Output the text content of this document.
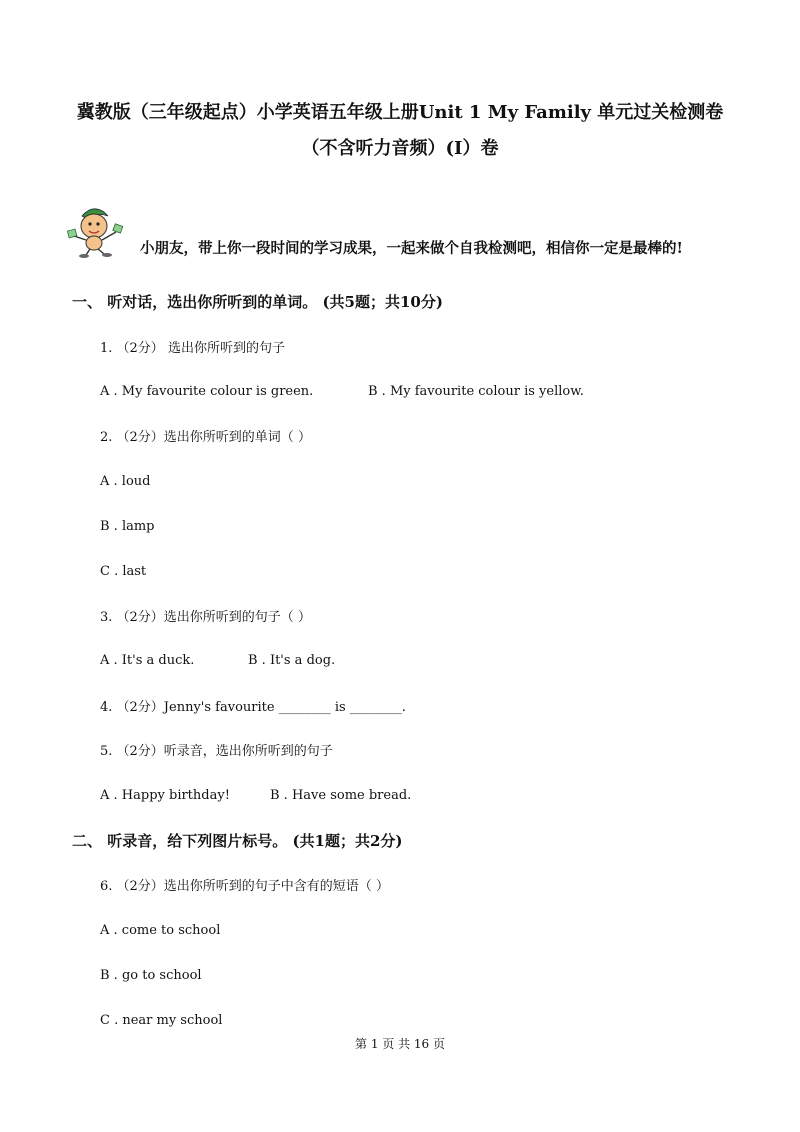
冀教版（三年级起点）小学英语五年级上册Unit 1 My Family 单元过关检测卷
（不含听力音频）(I）卷
小朋友，带上你一段时间的学习成果，一起来做个自我检测吧，相信你一定是最棒的!
一、 听对话，选出你所听到的单词。 (共5题；共10分)
1. （2分） 选出你所听到的句子
A . My favourite colour is green.	B . My favourite colour is yellow.
2. （2分）选出你所听到的单词（ ）
A . loud
B . lamp
C . last
3. （2分）选出你所听到的句子（ ）
A . It's a duck.	B . It's a dog.
4. （2分）Jenny's favourite ________ is ________.
5. （2分）听录音，选出你所听到的句子
A . Happy birthday!	B . Have some bread.
二、 听录音，给下列图片标号。 (共1题；共2分)
6. （2分）选出你所听到的句子中含有的短语（ ）
A . come to school
B . go to school
C . near my school
第 1 页 共 16 页
